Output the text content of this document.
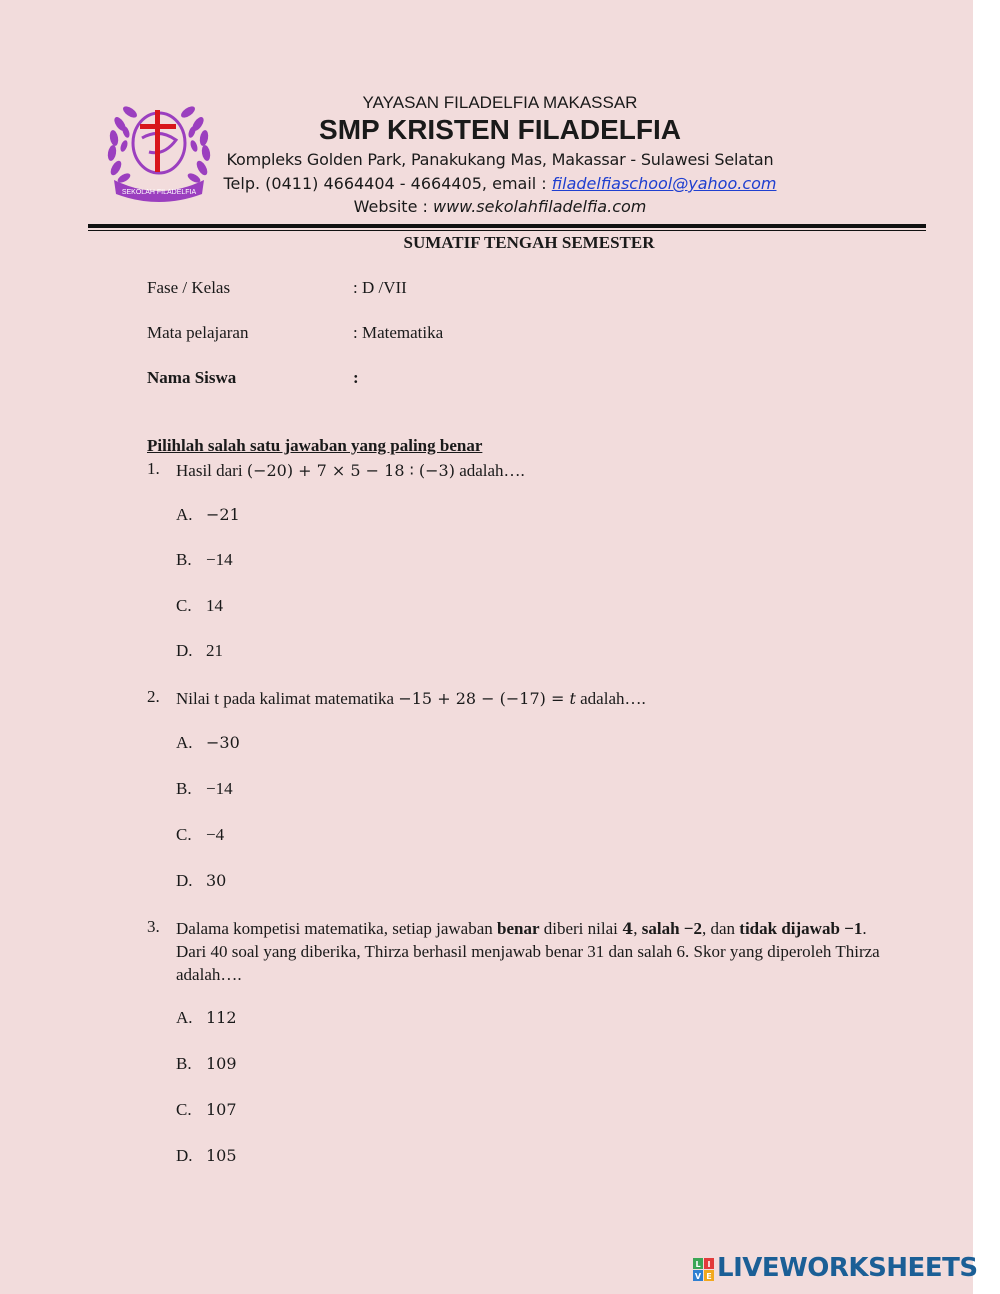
SEKOLAH FILADELFIA
YAYASAN FILADELFIA MAKASSAR
SMP KRISTEN FILADELFIA
Kompleks Golden Park, Panakukang Mas, Makassar - Sulawesi Selatan
Telp. (0411) 4664404 - 4664405, email : filadelfiaschool@yahoo.com
Website : www.sekolahfiladelfia.com
SUMATIF TENGAH SEMESTER
Fase / Kelas	: D /VII
Mata pelajaran	: Matematika
Nama Siswa	:
Pilihlah salah satu jawaban yang paling benar
1. Hasil dari (−20) + 7 × 5 − 18 ∶ (−3) adalah….
A. −21
B. −14
C. 14
D. 21
2. Nilai t pada kalimat matematika −15 + 28 − (−17) = 𝑡 adalah….
A. −30
B. −14
C. −4
D. 30
3. Dalama kompetisi matematika, setiap jawaban benar diberi nilai 4, salah −2, dan tidak dijawab −1. Dari 40 soal yang diberika, Thirza berhasil menjawab benar 31 dan salah 6. Skor yang diperoleh Thirza adalah….
A. 112
B. 109
C. 107
D. 105
L I
V E LIVEWORKSHEETS
